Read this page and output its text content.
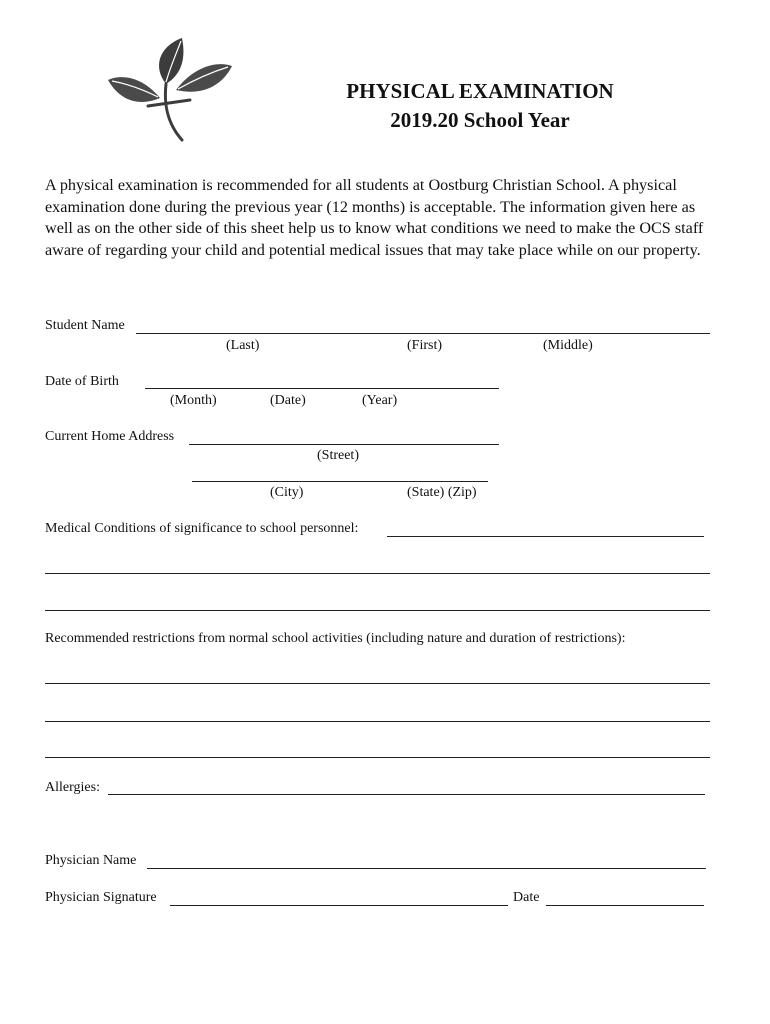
PHYSICAL EXAMINATION
2019.20 School Year

A physical examination is recommended for all students at Oostburg Christian School. A physical examination done during the previous year (12 months) is acceptable. The information given here as well as on the other side of this sheet help us to know what conditions we need to make the OCS staff aware of regarding your child and potential medical issues that may take place while on our property.

Student Name
(Last)	(First)	(Middle)
Date of Birth
(Month)	(Date)	(Year)
Current Home Address
(Street)
(City)	(State) (Zip)
Medical Conditions of significance to school personnel:
Recommended restrictions from normal school activities (including nature and duration of restrictions):
Allergies:
Physician Name
Physician Signature	Date
